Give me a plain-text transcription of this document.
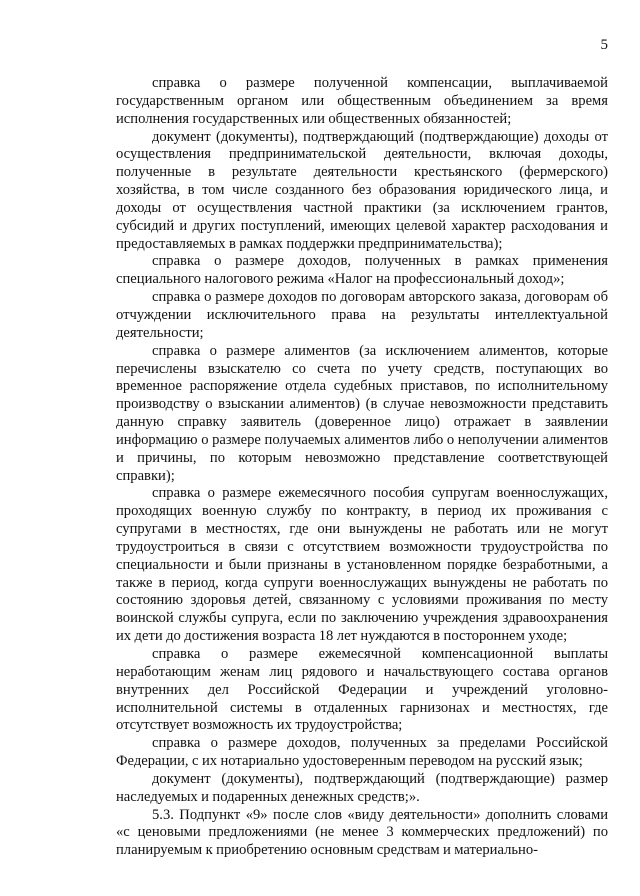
5

справка о размере полученной компенсации, выплачиваемой государственным органом или общественным объединением за время исполнения государственных или общественных обязанностей;

документ (документы), подтверждающий (подтверждающие) доходы от осуществления предпринимательской деятельности, включая доходы, полученные в результате деятельности крестьянского (фермерского) хозяйства, в том числе созданного без образования юридического лица, и доходы от осуществления частной практики (за исключением грантов, субсидий и других поступлений, имеющих целевой характер расходования и предоставляемых в рамках поддержки предпринимательства);

справка о размере доходов, полученных в рамках применения специального налогового режима «Налог на профессиональный доход»;

справка о размере доходов по договорам авторского заказа, договорам об отчуждении исключительного права на результаты интеллектуальной деятельности;

справка о размере алиментов (за исключением алиментов, которые перечислены взыскателю со счета по учету средств, поступающих во временное распоряжение отдела судебных приставов, по исполнительному производству о взыскании алиментов) (в случае невозможности представить данную справку заявитель (доверенное лицо) отражает в заявлении информацию о размере получаемых алиментов либо о неполучении алиментов и причины, по которым невозможно представление соответствующей справки);

справка о размере ежемесячного пособия супругам военнослужащих, проходящих военную службу по контракту, в период их проживания с супругами в местностях, где они вынуждены не работать или не могут трудоустроиться в связи с отсутствием возможности трудоустройства по специальности и были признаны в установленном порядке безработными, а также в период, когда супруги военнослужащих вынуждены не работать по состоянию здоровья детей, связанному с условиями проживания по месту воинской службы супруга, если по заключению учреждения здравоохранения их дети до достижения возраста 18 лет нуждаются в постороннем уходе;

справка о размере ежемесячной компенсационной выплаты неработающим женам лиц рядового и начальствующего состава органов внутренних дел Российской Федерации и учреждений уголовно-исполнительной системы в отдаленных гарнизонах и местностях, где отсутствует возможность их трудоустройства;

справка о размере доходов, полученных за пределами Российской Федерации, с их нотариально удостоверенным переводом на русский язык;

документ (документы), подтверждающий (подтверждающие) размер наследуемых и подаренных денежных средств;».

5.3. Подпункт «9» после слов «виду деятельности» дополнить словами «с ценовыми предложениями (не менее 3 коммерческих предложений) по планируемым к приобретению основным средствам и материально-
